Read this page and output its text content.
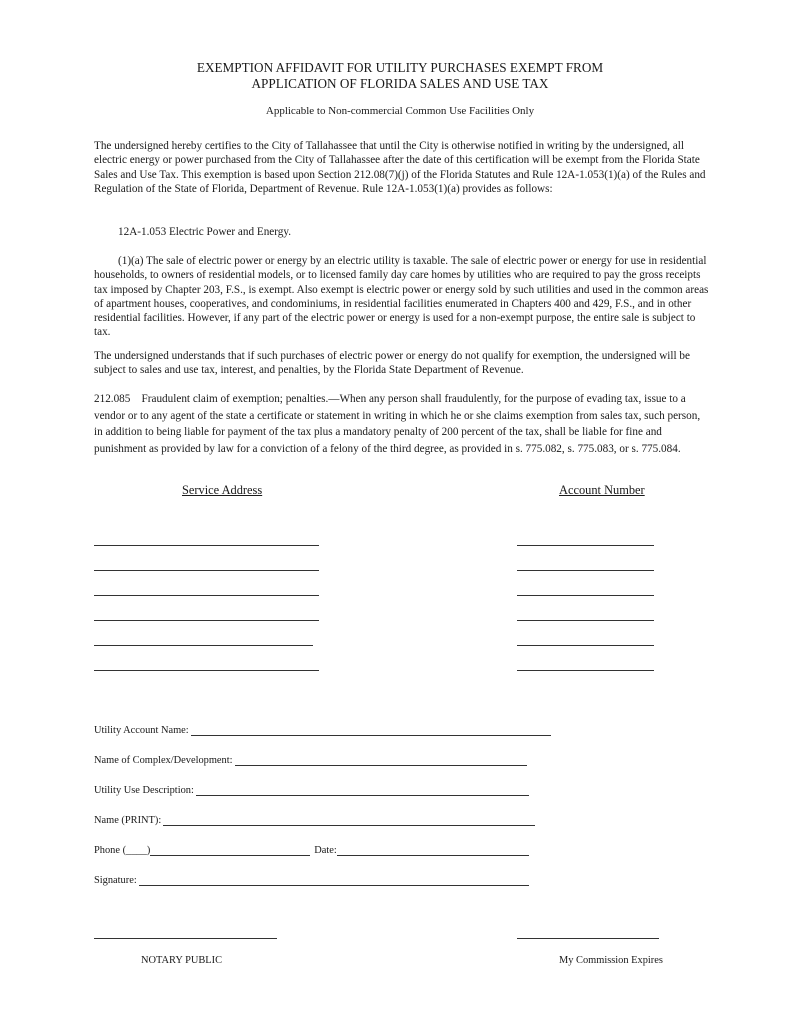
EXEMPTION AFFIDAVIT FOR UTILITY PURCHASES EXEMPT FROM
APPLICATION OF FLORIDA SALES AND USE TAX
Applicable to Non-commercial Common Use Facilities Only
The undersigned hereby certifies to the City of Tallahassee that until the City is otherwise notified in writing by the undersigned, all electric energy or power purchased from the City of Tallahassee after the date of this certification will be exempt from the Florida State Sales and Use Tax. This exemption is based upon Section 212.08(7)(j) of the Florida Statutes and Rule 12A-1.053(1)(a) of the Rules and Regulation of the State of Florida, Department of Revenue. Rule 12A-1.053(1)(a) provides as follows:
12A-1.053 Electric Power and Energy.
(1)(a) The sale of electric power or energy by an electric utility is taxable. The sale of electric power or energy for use in residential households, to owners of residential models, or to licensed family day care homes by utilities who are required to pay the gross receipts tax imposed by Chapter 203, F.S., is exempt. Also exempt is electric power or energy sold by such utilities and used in the common areas of apartment houses, cooperatives, and condominiums, in residential facilities enumerated in Chapters 400 and 429, F.S., and in other residential facilities. However, if any part of the electric power or energy is used for a non-exempt purpose, the entire sale is subject to tax.
The undersigned understands that if such purchases of electric power or energy do not qualify for exemption, the undersigned will be subject to sales and use tax, interest, and penalties, by the Florida State Department of Revenue.
212.085    Fraudulent claim of exemption; penalties.—When any person shall fraudulently, for the purpose of evading tax, issue to a vendor or to any agent of the state a certificate or statement in writing in which he or she claims exemption from sales tax, such person, in addition to being liable for payment of the tax plus a mandatory penalty of 200 percent of the tax, shall be liable for fine and punishment as provided by law for a conviction of a felony of the third degree, as provided in s. 775.082, s. 775.083, or s. 775.084.
Service Address	Account Number
Utility Account Name:
Name of Complex/Development:
Utility Use Description:
Name (PRINT):
Phone (____)	Date:
Signature:
NOTARY PUBLIC	My Commission Expires
